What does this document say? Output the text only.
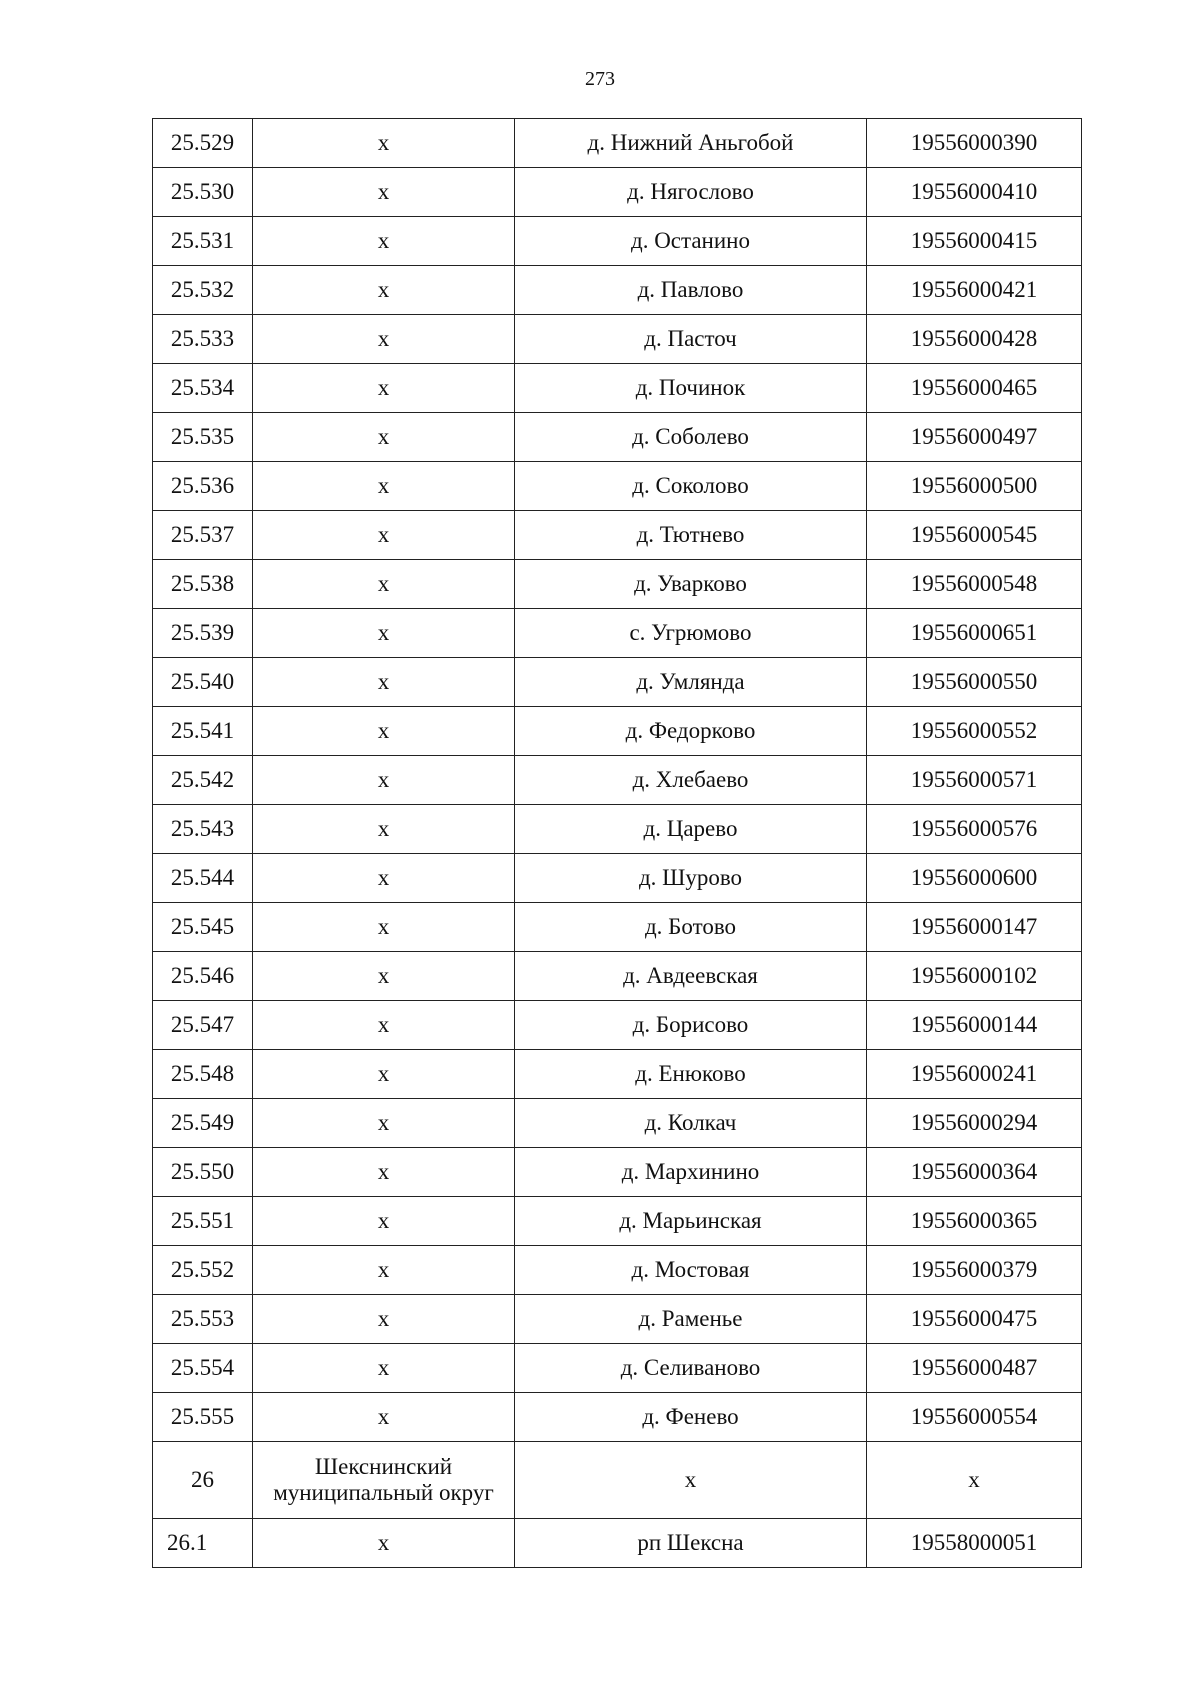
273
25.529	х	д. Нижний Аньгобой	19556000390
25.530	х	д. Нягослово	19556000410
25.531	х	д. Останино	19556000415
25.532	х	д. Павлово	19556000421
25.533	х	д. Пасточ	19556000428
25.534	х	д. Починок	19556000465
25.535	х	д. Соболево	19556000497
25.536	х	д. Соколово	19556000500
25.537	х	д. Тютнево	19556000545
25.538	х	д. Уварково	19556000548
25.539	х	с. Угрюмово	19556000651
25.540	х	д. Умлянда	19556000550
25.541	х	д. Федорково	19556000552
25.542	х	д. Хлебаево	19556000571
25.543	х	д. Царево	19556000576
25.544	х	д. Шурово	19556000600
25.545	х	д. Ботово	19556000147
25.546	х	д. Авдеевская	19556000102
25.547	х	д. Борисово	19556000144
25.548	х	д. Енюково	19556000241
25.549	х	д. Колкач	19556000294
25.550	х	д. Мархинино	19556000364
25.551	х	д. Марьинская	19556000365
25.552	х	д. Мостовая	19556000379
25.553	х	д. Раменье	19556000475
25.554	х	д. Селиваново	19556000487
25.555	х	д. Фенево	19556000554
26	Шекснинский муниципальный округ	х	х
26.1	х	рп Шексна	19558000051
